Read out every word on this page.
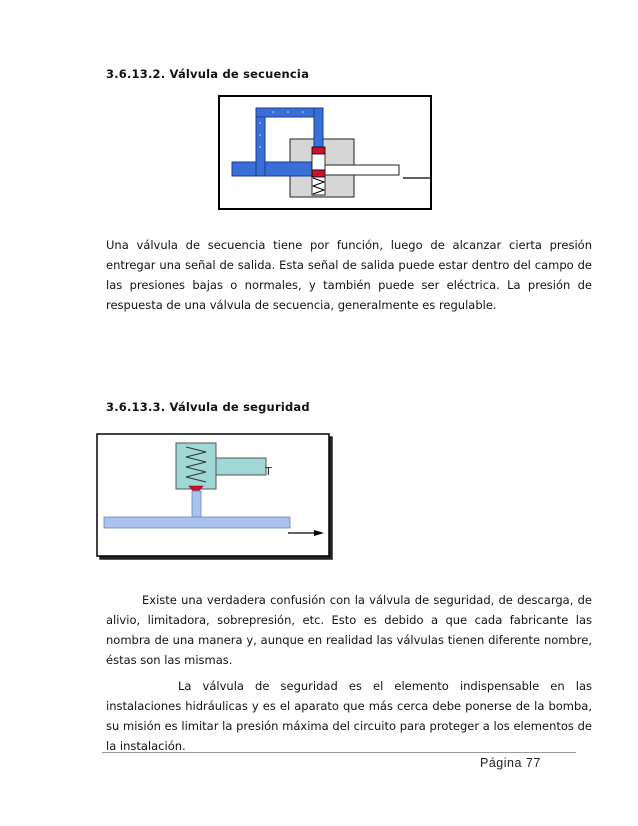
3.6.13.2. Válvula de secuencia

Una válvula de secuencia tiene por función, luego de alcanzar cierta presión entregar una señal de salida. Esta señal de salida puede estar dentro del campo de las presiones bajas o normales, y también puede ser eléctrica. La presión de respuesta de una válvula de secuencia, generalmente es regulable.

3.6.13.3. Válvula de seguridad
T

Existe una verdadera confusión con la válvula de seguridad, de descarga, de alivio, limitadora, sobrepresión, etc. Esto es debido a que cada fabricante las nombra de una manera y, aunque en realidad las válvulas tienen diferente nombre, éstas son las mismas.

La válvula de seguridad es el elemento indispensable en las instalaciones hidráulicas y es el aparato que más cerca debe ponerse de la bomba, su misión es limitar la presión máxima del circuito para proteger a los elementos de la instalación.

Página 77
